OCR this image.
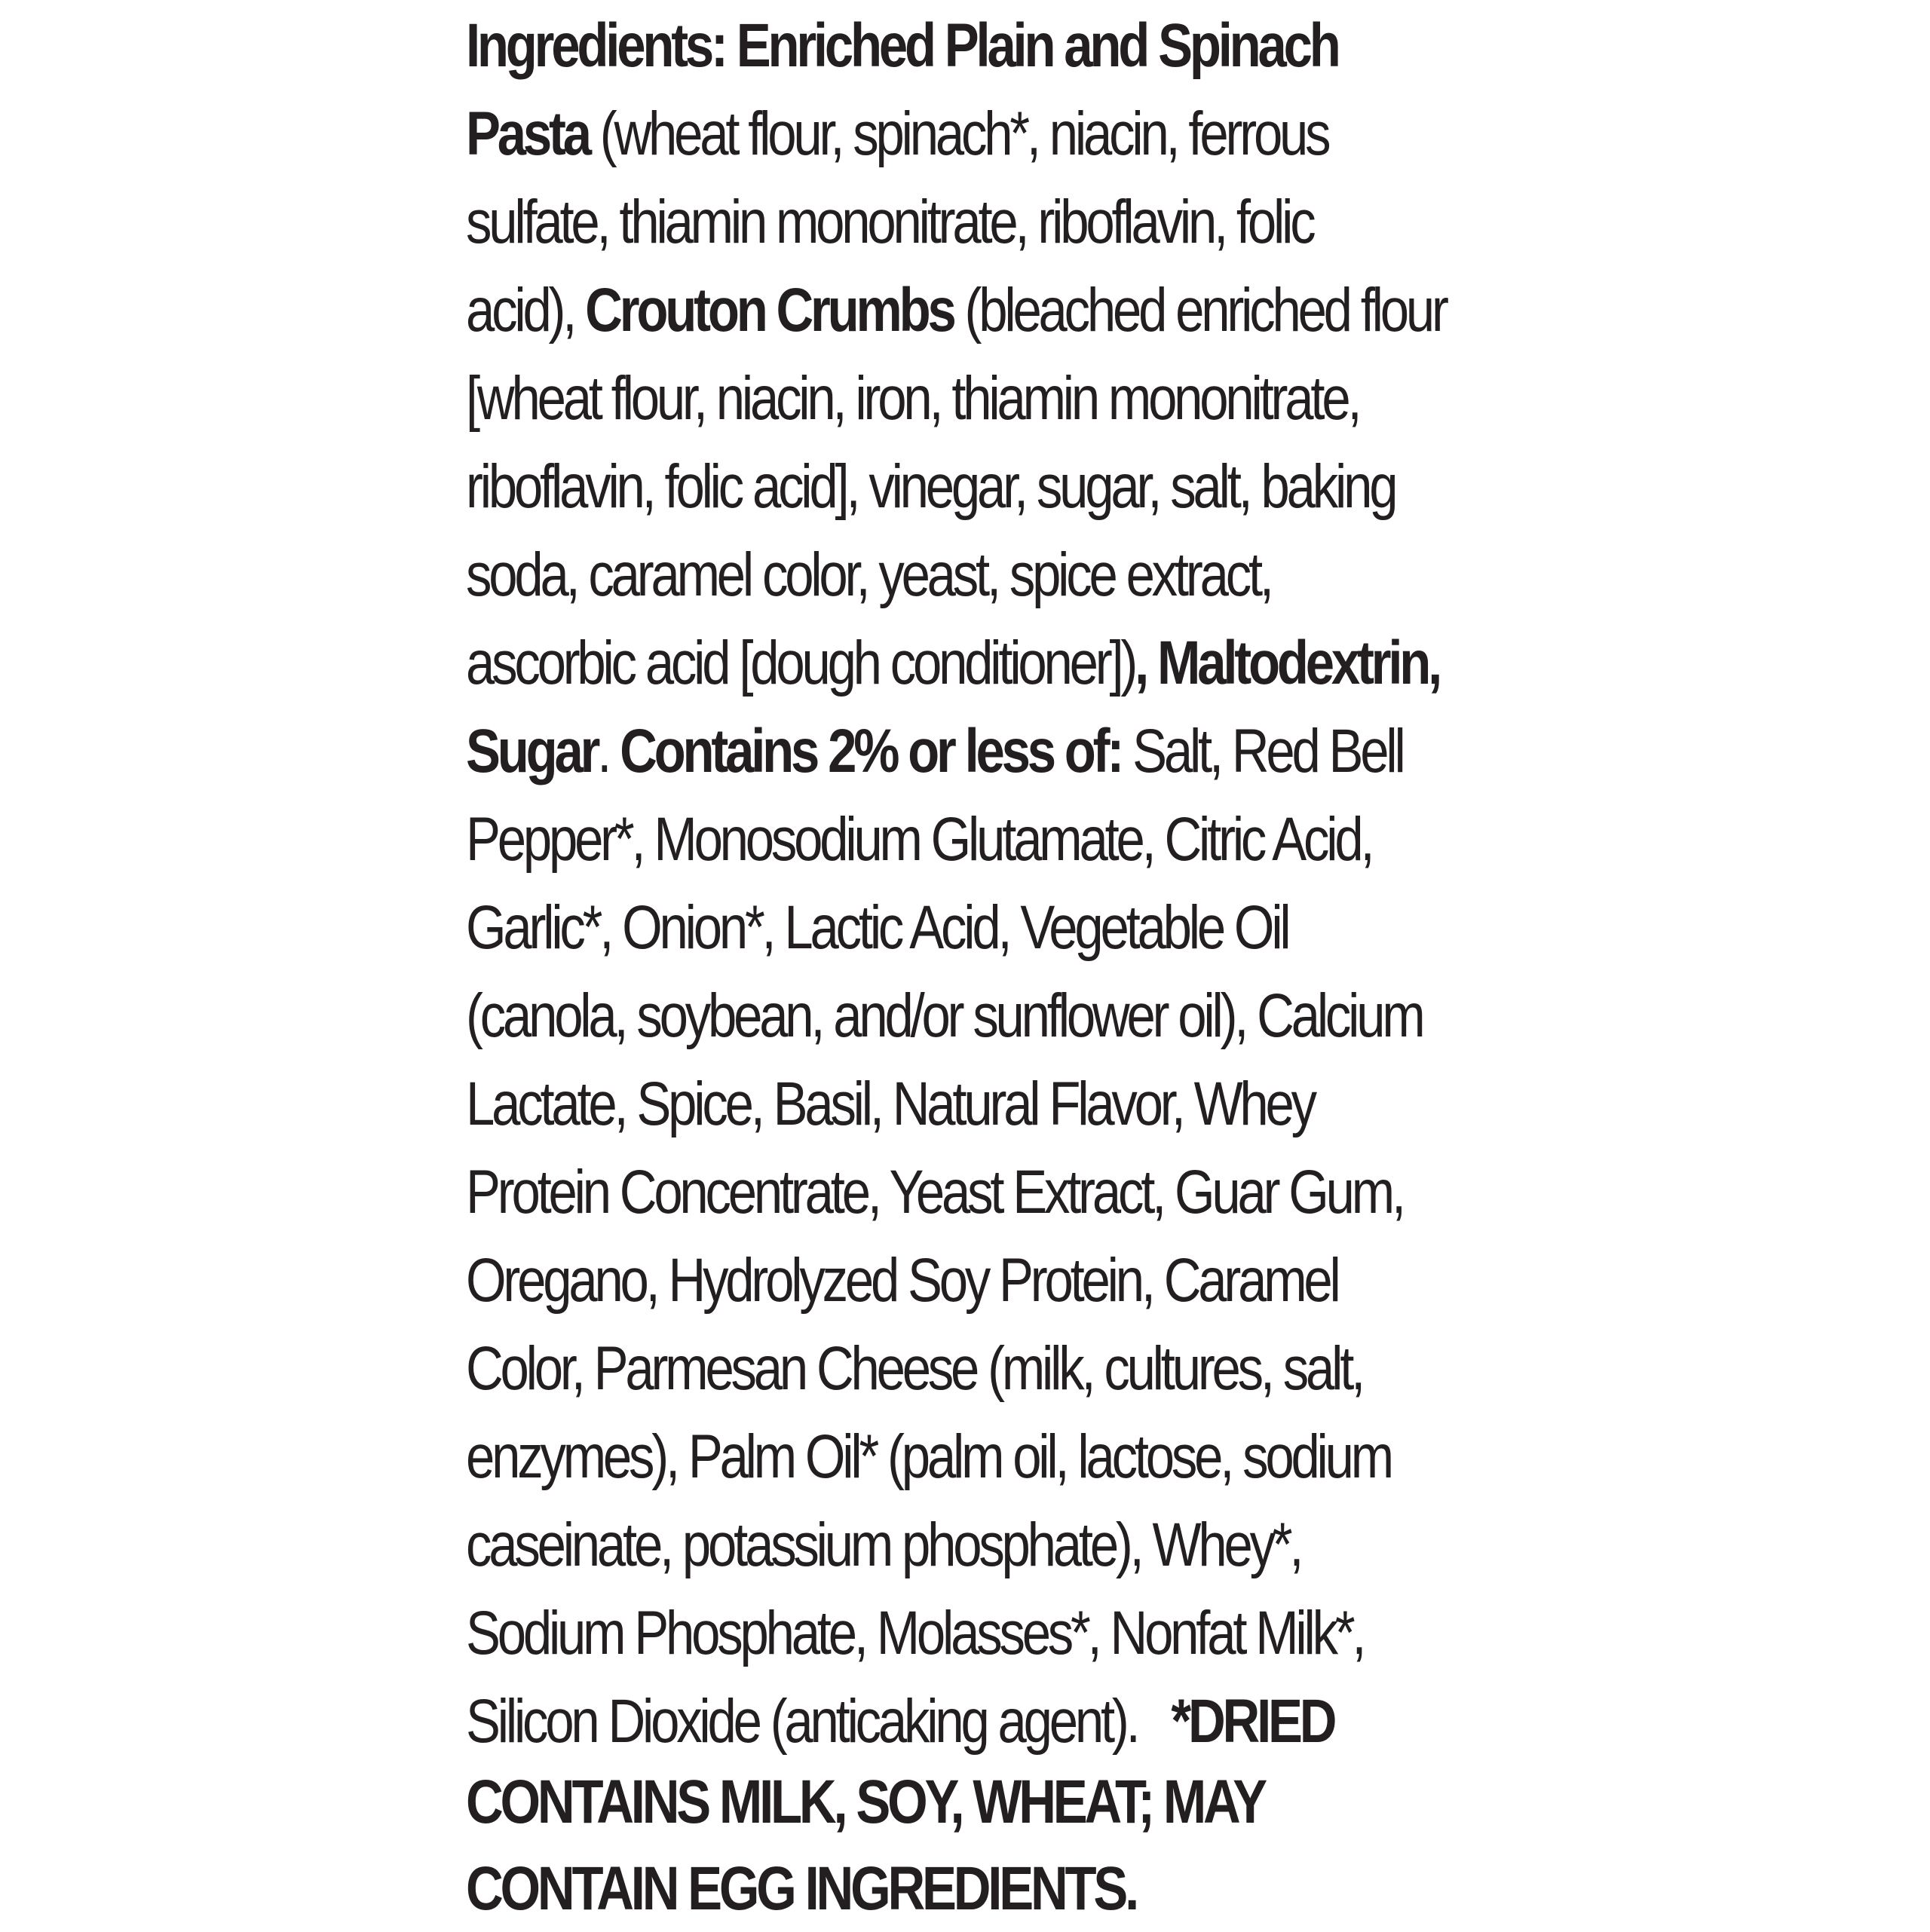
Ingredients: Enriched Plain and Spinach
Pasta (wheat flour, spinach*, niacin, ferrous
sulfate, thiamin mononitrate, riboflavin, folic
acid), Crouton Crumbs (bleached enriched flour
[wheat flour, niacin, iron, thiamin mononitrate,
riboflavin, folic acid], vinegar, sugar, salt, baking
soda, caramel color, yeast, spice extract,
ascorbic acid [dough conditioner]), Maltodextrin,
Sugar. Contains 2% or less of: Salt, Red Bell
Pepper*, Monosodium Glutamate, Citric Acid,
Garlic*, Onion*, Lactic Acid, Vegetable Oil
(canola, soybean, and/or sunflower oil), Calcium
Lactate, Spice, Basil, Natural Flavor, Whey
Protein Concentrate, Yeast Extract, Guar Gum,
Oregano, Hydrolyzed Soy Protein, Caramel
Color, Parmesan Cheese (milk, cultures, salt,
enzymes), Palm Oil* (palm oil, lactose, sodium
caseinate, potassium phosphate), Whey*,
Sodium Phosphate, Molasses*, Nonfat Milk*,
Silicon Dioxide (anticaking agent).   *DRIED

CONTAINS MILK, SOY, WHEAT; MAY
CONTAIN EGG INGREDIENTS.
